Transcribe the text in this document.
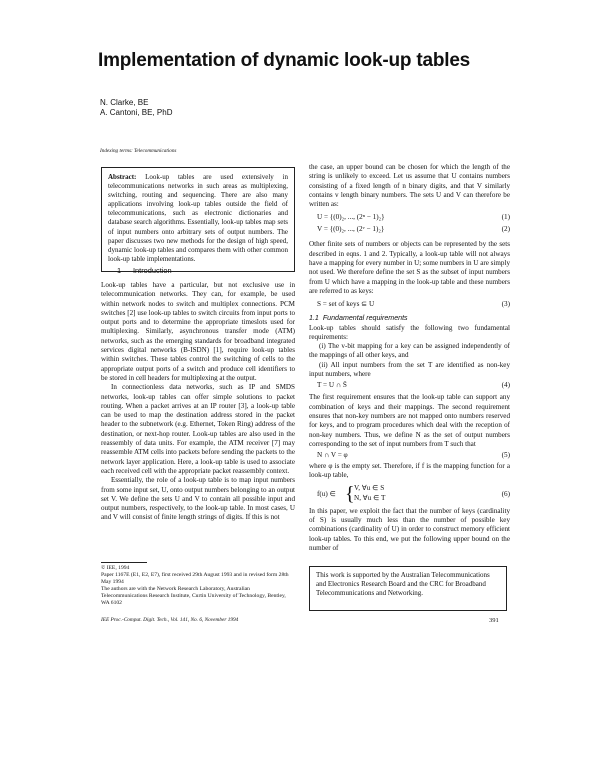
Implementation of dynamic look-up tables
N. Clarke, BE
A. Cantoni, BE, PhD
Indexing terms: Telecommunications
Abstract: Look-up tables are used extensively in telecommunications networks in such areas as multiplexing, switching, routing and sequencing. There are also many applications involving look-up tables outside the field of telecommunications, such as electronic dictionaries and database search algorithms. Essentially, look-up tables map sets of input numbers onto arbitrary sets of output numbers. The paper discusses two new methods for the design of high speed, dynamic look-up tables and compares them with other common look-up table implementations.
1 Introduction

Look-up tables have a particular, but not exclusive use in telecommunication networks. They can, for example, be used within network nodes to switch and multiplex connections. PCM switches [2] use look-up tables to switch circuits from input ports to output ports and to determine the appropriate timeslots used for multiplexing. Similarly, asynchronous transfer mode (ATM) networks, such as the emerging standards for broadband integrated services digital networks (B-ISDN) [1], require look-up tables within switches. These tables control the switching of cells to the appropriate output ports of a switch and produce cell identifiers to be stored in cell headers for multiplexing at the output.

In connectionless data networks, such as IP and SMDS networks, look-up tables can offer simple solutions to packet routing. When a packet arrives at an IP router [3], a look-up table can be used to map the destination address stored in the packet header to the subnetwork (e.g. Ethernet, Token Ring) address of the destination, or next-hop router. Look-up tables are also used in the reassembly of data units. For example, the ATM receiver [7] may reassemble ATM cells into packets before sending the packets to the network layer application. Here, a look-up table is used to associate each received cell with the appropriate packet reassembly context.

Essentially, the role of a look-up table is to map input numbers from some input set, U, onto output numbers belonging to an output set V. We define the sets U and V to contain all possible input and output numbers, respectively, to the look-up table. In most cases, U and V will consist of finite length strings of digits. If this is not

© IEE, 1994
Paper 1167E (E1, E2, E7), first received 29th August 1993 and in revised form 28th May 1994
The authors are with the Network Research Laboratory, Australian Telecommunications Research Institute, Curtin University of Technology, Bentley, WA 6102
IEE Proc.-Comput. Digit. Tech., Vol. 141, No. 6, November 1994

the case, an upper bound can be chosen for which the length of the string is unlikely to exceed. Let us assume that U contains numbers consisting of a fixed length of n binary digits, and that V similarly contains v length binary numbers. The sets U and V can therefore be written as:

U = {(0)₂, ..., (2ⁿ − 1)₂}	(1)
V = {(0)₂, ..., (2ᵛ − 1)₂}	(2)

Other finite sets of numbers or objects can be represented by the sets described in eqns. 1 and 2. Typically, a look-up table will not always have a mapping for every number in U; some numbers in U are simply not used. We therefore define the set S as the subset of input numbers from U which have a mapping in the look-up table and these numbers are referred to as keys:

S = set of keys ⊆ U	(3)
1.1 Fundamental requirements

Look-up tables should satisfy the following two fundamental requirements:

(i) The v-bit mapping for a key can be assigned independently of the mappings of all other keys, and

(ii) All input numbers from the set T are identified as non-key input numbers, where

T = U ∩ S̄	(4)

The first requirement ensures that the look-up table can support any combination of keys and their mappings. The second requirement ensures that non-key numbers are not mapped onto numbers reserved for keys, and to program procedures which deal with the reception of non-key numbers. Thus, we define N as the set of output numbers corresponding to the set of input numbers from T such that

N ∩ V = φ	(5)

where φ is the empty set. Therefore, if f is the mapping function for a look-up table,

f(u) ∈ { V, ∀u ∈ S
N, ∀u ∈ T	(6)

In this paper, we exploit the fact that the number of keys (cardinality of S) is usually much less than the number of possible key combinations (cardinality of U) in order to construct memory efficient look-up tables. To this end, we put the following upper bound on the number of

This work is supported by the Australian Telecommunications and Electronics Research Board and the CRC for Broadband Telecommunications and Networking.
391
